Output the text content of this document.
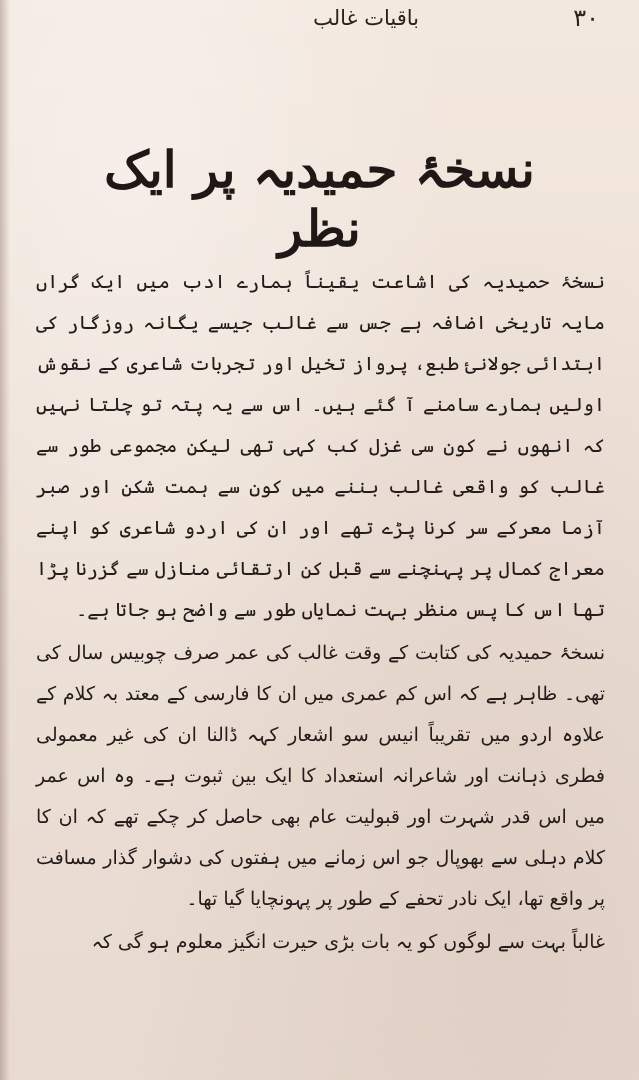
۳۰
باقیات غالب
نسخۂ حمیدیہ پر ایک نظر

نسخۂ حمیدیہ کی اشاعت یقیناً ہمارے ادب میں ایک گراں مایہ تاریخی اضافہ ہے جس سے غالب جیسے یگانہ روزگار کی ابتدائی جولانیٔ طبع، پرواز تخیل اور تجربات شاعری کے نقوش اولیں ہمارے سامنے آ گئے ہیں۔ اس سے یہ پتہ تو چلتا نہیں کہ انھوں نے کون سی غزل کب کہی تھی لیکن مجموعی طور سے غالب کو واقعی غالب بننے میں کون سے ہمت شکن اور صبر آزما معرکے سر کرنا پڑے تھے اور ان کی اردو شاعری کو اپنے معراج کمال پر پہنچنے سے قبل کن ارتقائی منازل سے گزرنا پڑا تھا اس کا پس منظر بہت نمایاں طور سے واضح ہو جاتا ہے۔

نسخۂ حمیدیہ کی کتابت کے وقت غالب کی عمر صرف چوبیس سال کی تھی۔ ظاہر ہے کہ اس کم عمری میں ان کا فارسی کے معتد بہ کلام کے علاوہ اردو میں تقریباً انیس سو اشعار کہہ ڈالنا ان کی غیر معمولی فطری ذہانت اور شاعرانہ استعداد کا ایک بین ثبوت ہے۔ وہ اس عمر میں اس قدر شہرت اور قبولیت عام بھی حاصل کر چکے تھے کہ ان کا کلام دہلی سے بھوپال جو اس زمانے میں ہفتوں کی دشوار گذار مسافت پر واقع تھا، ایک نادر تحفے کے طور پر پہونچایا گیا تھا۔

غالباً بہت سے لوگوں کو یہ بات بڑی حیرت انگیز معلوم ہو گی کہ
